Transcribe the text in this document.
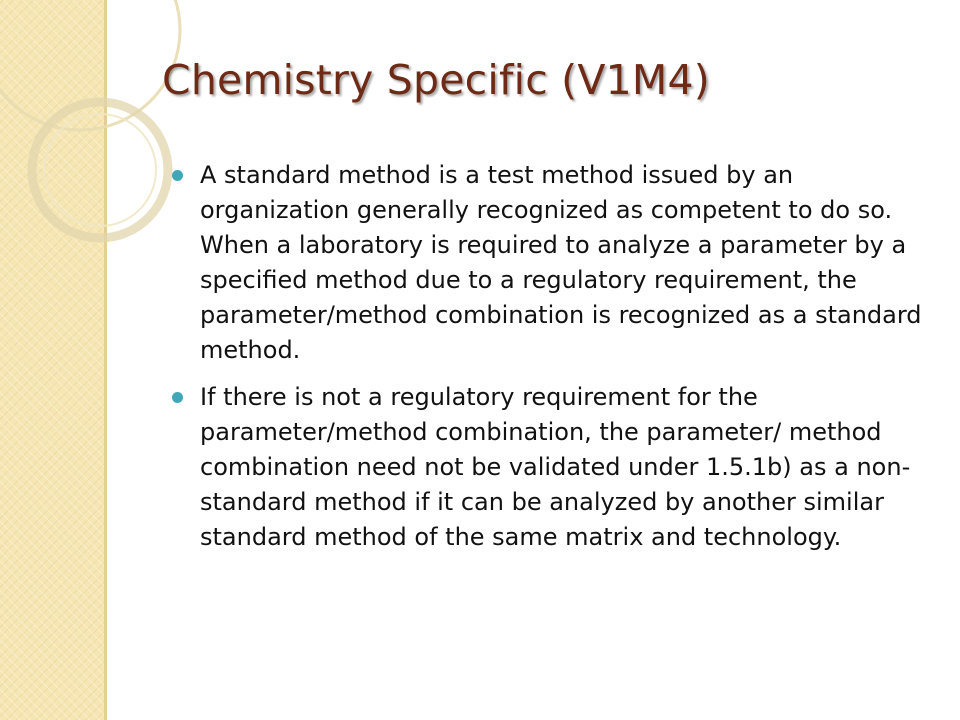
Chemistry Specific (V1M4)
A standard method is a test method issued by an organization generally recognized as competent to do so. When a laboratory is required to analyze a parameter by a specified method due to a regulatory requirement, the parameter/method combination is recognized as a standard method.
If there is not a regulatory requirement for the parameter/method combination, the parameter/ method combination need not be validated under 1.5.1b) as a non-standard method if it can be analyzed by another similar standard method of the same matrix and technology.
